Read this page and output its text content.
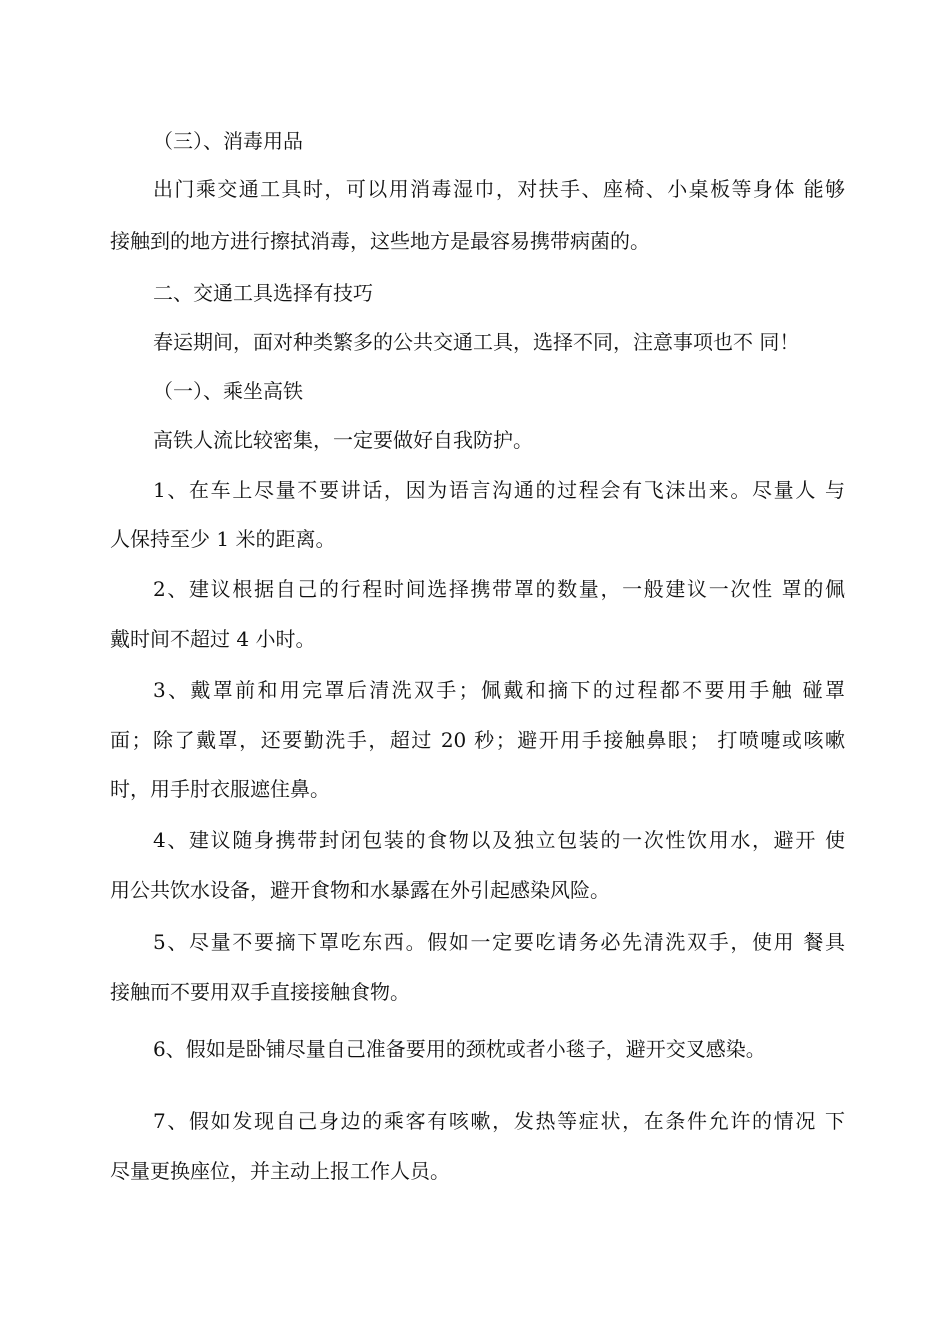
（三）、消毒用品
出门乘交通工具时，可以用消毒湿巾，对扶手、座椅、小桌板等身体 能够
接触到的地方进行擦拭消毒，这些地方是最容易携带病菌的。
二、交通工具选择有技巧
春运期间，面对种类繁多的公共交通工具，选择不同，注意事项也不 同！
（一）、乘坐高铁
高铁人流比较密集，一定要做好自我防护。
1、在车上尽量不要讲话，因为语言沟通的过程会有飞沫出来。尽量人 与
人保持至少 1 米的距离。
2、建议根据自己的行程时间选择携带罩的数量，一般建议一次性 罩的佩
戴时间不超过 4 小时。
3、戴罩前和用完罩后清洗双手；佩戴和摘下的过程都不要用手触 碰罩
面；除了戴罩，还要勤洗手，超过 20 秒；避开用手接触鼻眼； 打喷嚏或咳嗽
时，用手肘衣服遮住鼻。
4、建议随身携带封闭包装的食物以及独立包装的一次性饮用水，避开 使
用公共饮水设备，避开食物和水暴露在外引起感染风险。
5、尽量不要摘下罩吃东西。假如一定要吃请务必先清洗双手，使用 餐具
接触而不要用双手直接接触食物。
6、假如是卧铺尽量自己准备要用的颈枕或者小毯子，避开交叉感染。
7、假如发现自己身边的乘客有咳嗽，发热等症状，在条件允许的情况 下
尽量更换座位，并主动上报工作人员。
